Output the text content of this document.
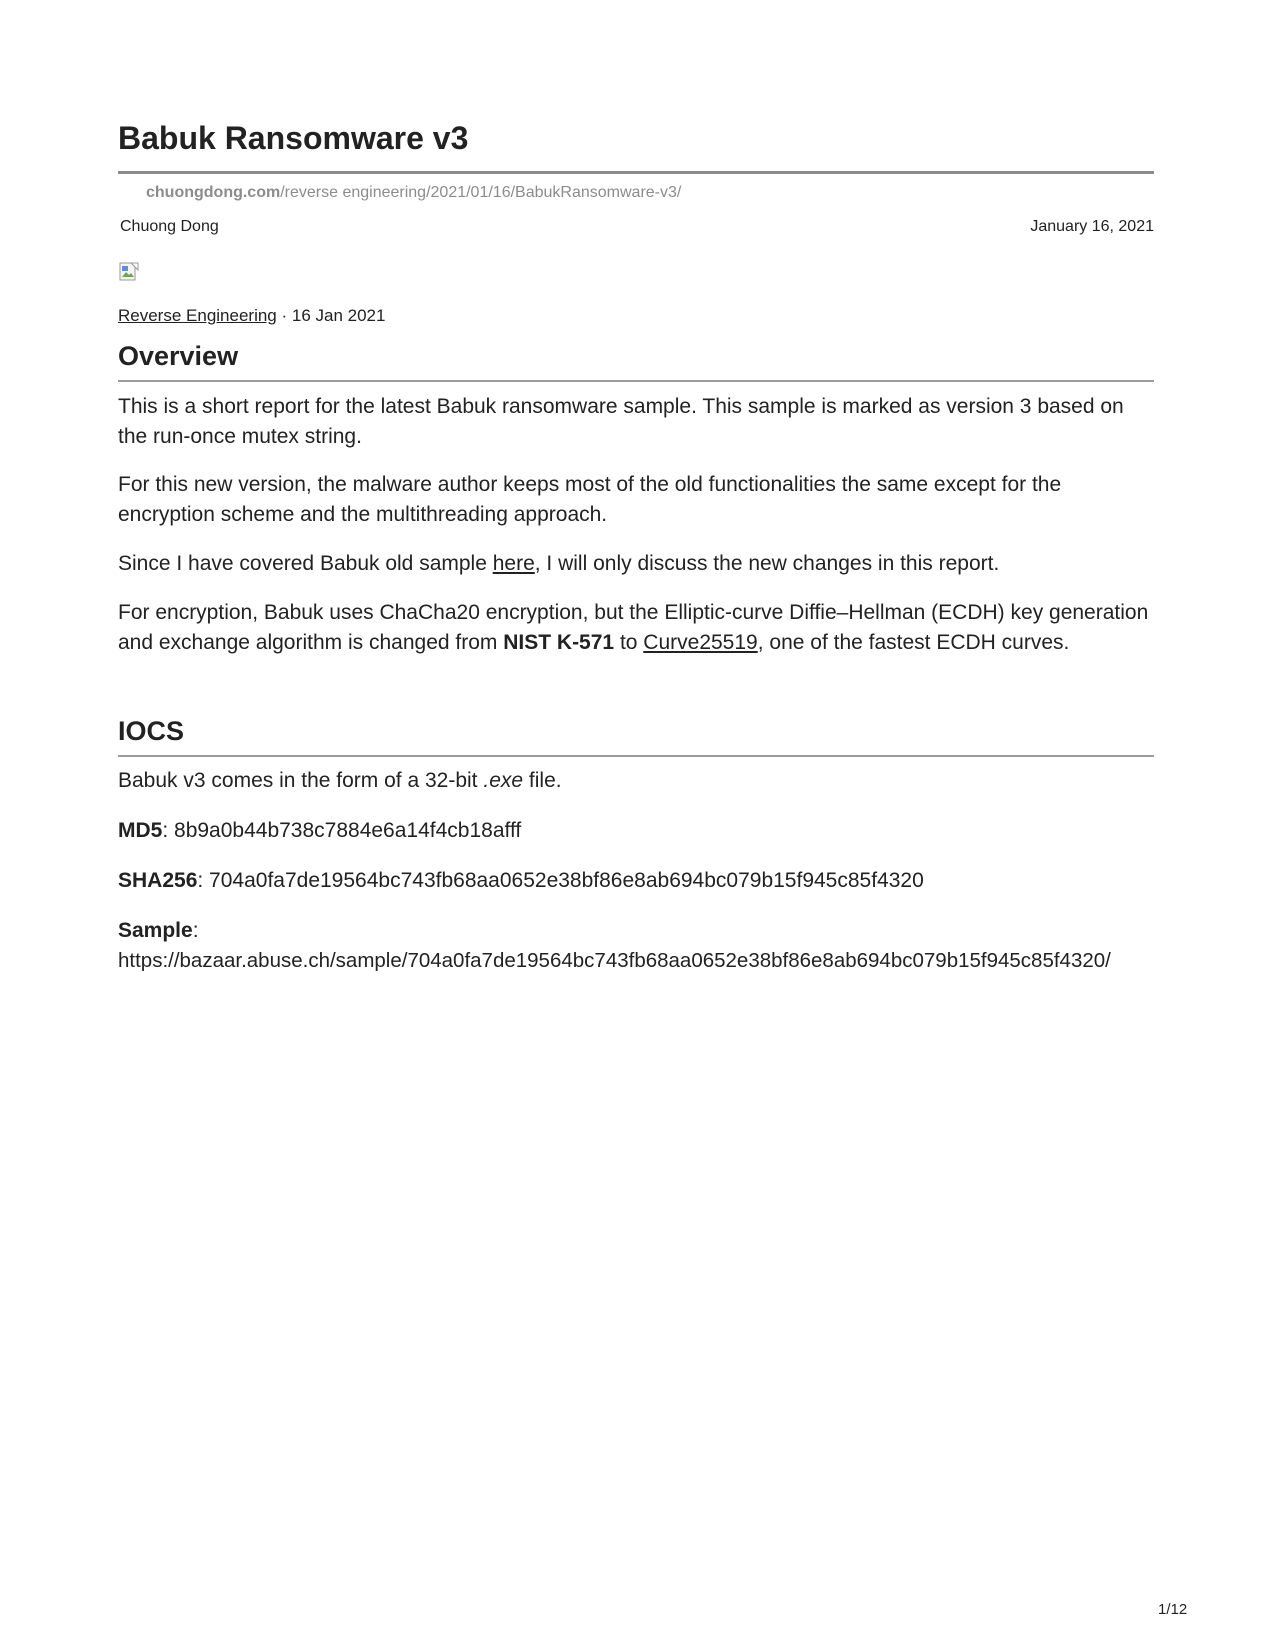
Babuk Ransomware v3
chuongdong.com/reverse engineering/2021/01/16/BabukRansomware-v3/
Chuong Dong	January 16, 2021
Reverse Engineering · 16 Jan 2021
Overview

This is a short report for the latest Babuk ransomware sample. This sample is marked as version 3 based on the run-once mutex string.

For this new version, the malware author keeps most of the old functionalities the same except for the encryption scheme and the multithreading approach.

Since I have covered Babuk old sample here, I will only discuss the new changes in this report.

For encryption, Babuk uses ChaCha20 encryption, but the Elliptic-curve Diffie–Hellman (ECDH) key generation and exchange algorithm is changed from NIST K-571 to Curve25519, one of the fastest ECDH curves.

IOCS

Babuk v3 comes in the form of a 32-bit .exe file.

MD5: 8b9a0b44b738c7884e6a14f4cb18afff

SHA256: 704a0fa7de19564bc743fb68aa0652e38bf86e8ab694bc079b15f945c85f4320

Sample:
https://bazaar.abuse.ch/sample/704a0fa7de19564bc743fb68aa0652e38bf86e8ab694bc079b15f945c85f4320/

1/12
